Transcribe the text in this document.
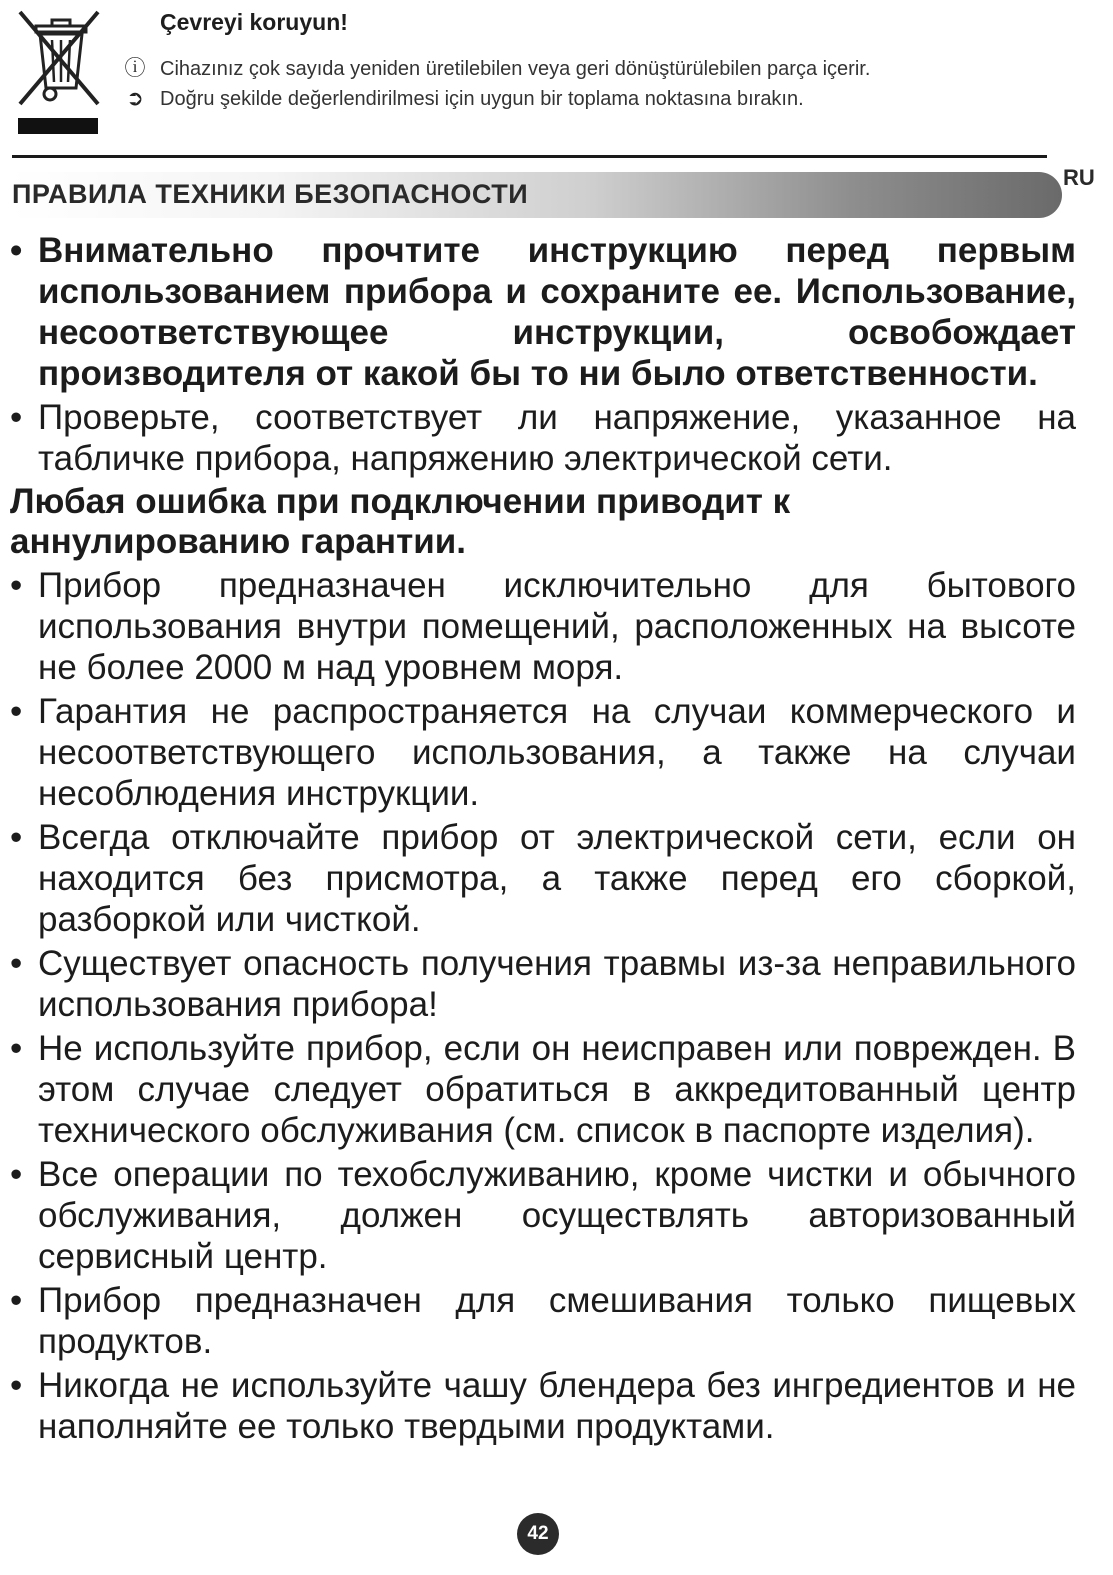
Çevreyi koruyun!
ⓘ Cihazınız çok sayıda yeniden üretilebilen veya geri dönüştürülebilen parça içerir.
➲ Doğru şekilde değerlendirilmesi için uygun bir toplama noktasına bırakın.
ПРАВИЛА ТЕХНИКИ БЕЗОПАСНОСТИ
RU
• Внимательно прочтите инструкцию перед первым использованием прибора и сохраните ее. Использование, несоответствующее инструкции, освобождает производителя от какой бы то ни было ответственности.
• Проверьте, соответствует ли напряжение, указанное на табличке прибора, напряжению электрической сети.
Любая ошибка при подключении приводит к аннулированию гарантии.
• Прибор предназначен исключительно для бытового использования внутри помещений, расположенных на высоте не более 2000 м над уровнем моря.
• Гарантия не распространяется на случаи коммерческого и несоответствующего использования, а также на случаи несоблюдения инструкции.
• Всегда отключайте прибор от электрической сети, если он находится без присмотра, а также перед его сборкой, разборкой или чисткой.
• Существует опасность получения травмы из-за неправильного использования прибора!
• Не используйте прибор, если он неисправен или поврежден. В этом случае следует обратиться в аккредитованный центр технического обслуживания (см. список в паспорте изделия).
• Все операции по техобслуживанию, кроме чистки и обычного обслуживания, должен осуществлять авторизованный сервисный центр.
• Прибор предназначен для смешивания только пищевых продуктов.
• Никогда не используйте чашу блендера без ингредиентов и не наполняйте ее только твердыми продуктами.
42
